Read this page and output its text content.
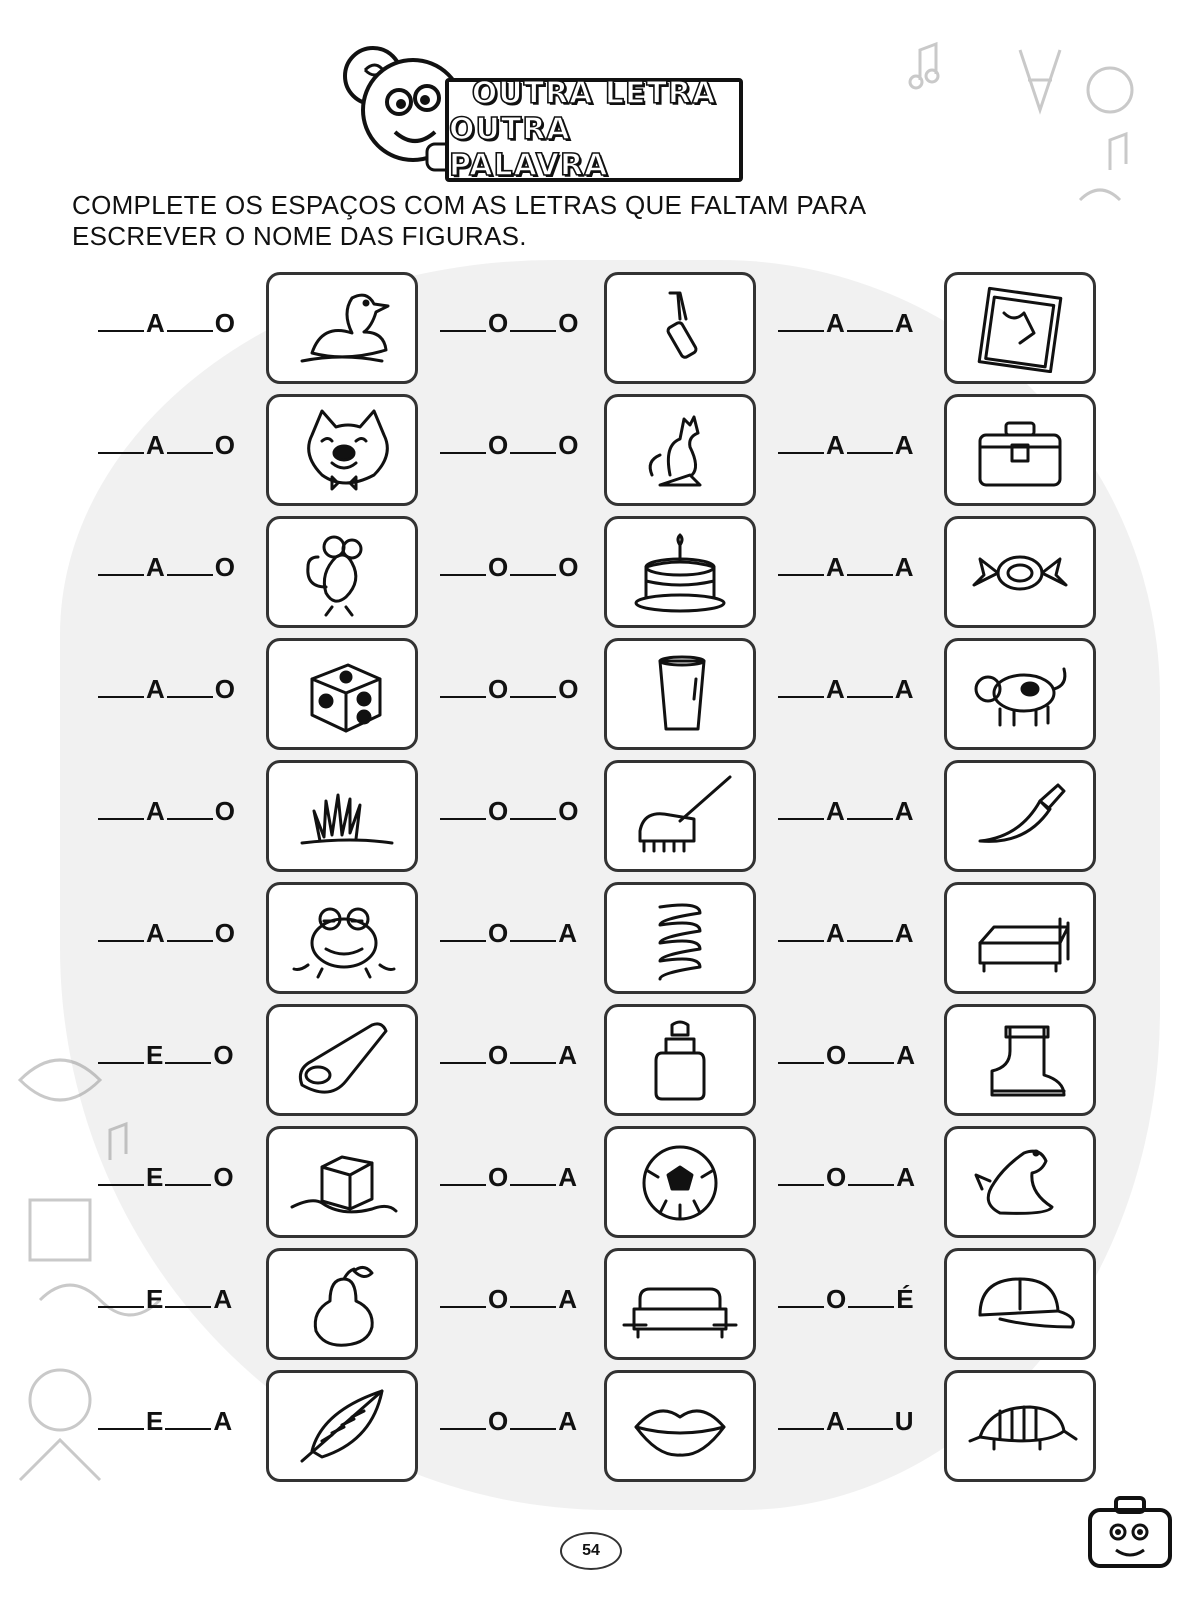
OUTRA LETRA
OUTRA PALAVRA
COMPLETE OS ESPAÇOS COM AS LETRAS QUE FALTAM PARA
ESCREVER O NOME DAS FIGURAS.
A O
A O
A O
A O
A O
A O
E O
E O
E A
E A
O O
O O
O O
O O
O O
O A
O A
O A
O A
O A
A A
A A
A A
A A
A A
A A
O A
O A
O É
A U
54
